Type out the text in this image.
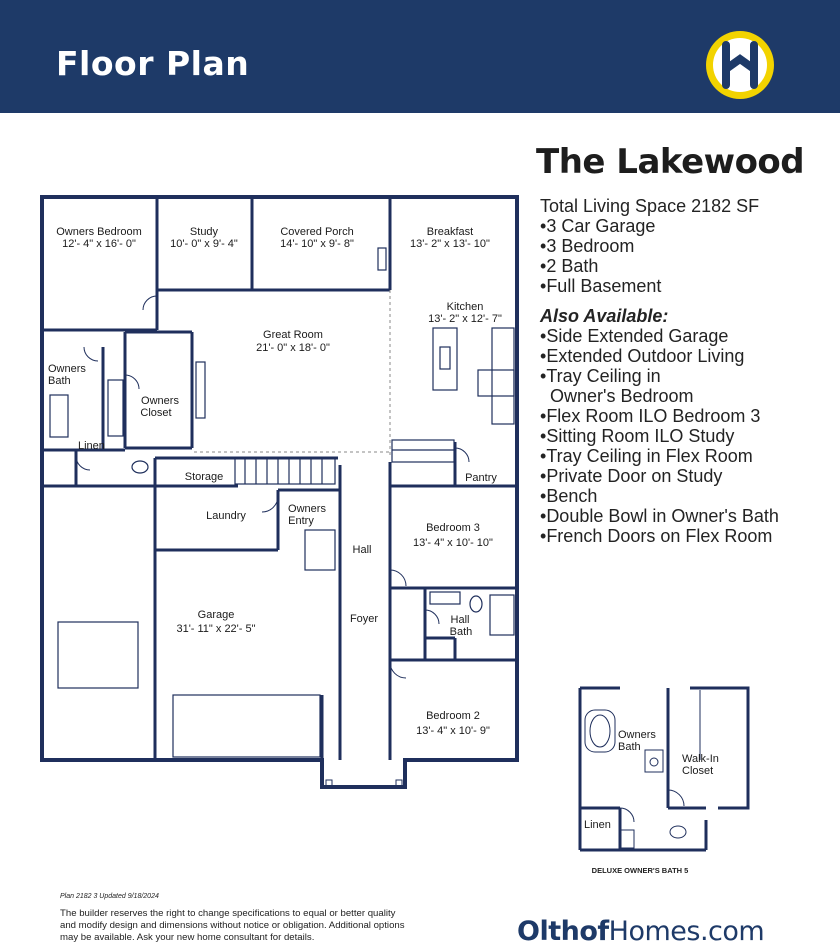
Floor Plan
The Lakewood
Total Living Space 2182 SF
• 3 Car Garage
• 3 Bedroom
• 2 Bath
• Full Basement
Also Available:
• Side Extended Garage
• Extended Outdoor Living
• Tray Ceiling in
Owner's Bedroom
• Flex Room ILO Bedroom 3
• Sitting Room ILO Study
• Tray Ceiling in Flex Room
• Private Door on Study
• Bench
• Double Bowl in Owner's Bath
• French Doors on Flex Room
Owners Bedroom
12'- 4" x 16'- 0"
Study
10'- 0" x 9'- 4"
Covered Porch
14'- 10" x 9'- 8"
Breakfast
13'- 2" x 13'- 10"
Kitchen
13'- 2" x 12'- 7"
Great Room
21'- 0" x 18'- 0"
Owners
Bath
Owners
Closet
Linen
Storage	Pantry
Laundry
Owners
Entry
Hall
Bedroom 3
13'- 4" x 10'- 10"
Garage
31'- 11" x 22'- 5"
Foyer	Hall
Bath
Bedroom 2
13'- 4" x 10'- 9"	Owners
Bath
Walk-In
Closet
Linen
DELUXE OWNER'S BATH 5
Plan 2182 3 Updated 9/18/2024
The builder reserves the right to change specifications to equal or better quality
and modify design and dimensions without notice or obligation. Additional options
may be available. Ask your new home consultant for details.	OlthofHomes.com
